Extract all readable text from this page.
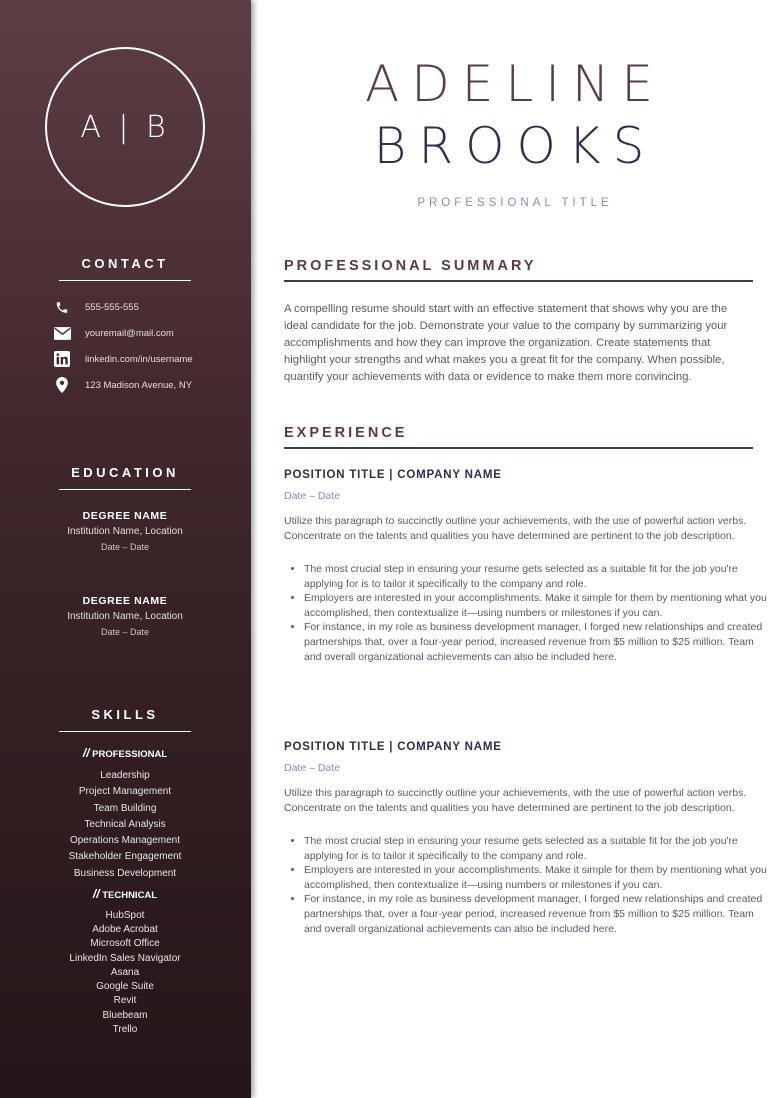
A | B
CONTACT
555-555-555
youremail@mail.com
linkedin.com/in/username
123 Madison Avenue, NY
EDUCATION
DEGREE NAME
Institution Name, Location
Date – Date
DEGREE NAME
Institution Name, Location
Date – Date
SKILLS
// PROFESSIONAL
Leadership
Project Management
Team Building
Technical Analysis
Operations Management
Stakeholder Engagement
Business Development
// TECHNICAL
HubSpot
Adobe Acrobat
Microsoft Office
LinkedIn Sales Navigator
Asana
Google Suite
Revit
Bluebeam
Trello
ADELINE
BROOKS
PROFESSIONAL TITLE
PROFESSIONAL SUMMARY
A compelling resume should start with an effective statement that shows why you are the ideal candidate for the job. Demonstrate your value to the company by summarizing your accomplishments and how they can improve the organization. Create statements that highlight your strengths and what makes you a great fit for the company. When possible, quantify your achievements with data or evidence to make them more convincing.
EXPERIENCE
POSITION TITLE | COMPANY NAME
Date – Date
Utilize this paragraph to succinctly outline your achievements, with the use of powerful action verbs. Concentrate on the talents and qualities you have determined are pertinent to the job description.
• The most crucial step in ensuring your resume gets selected as a suitable fit for the job you're applying for is to tailor it specifically to the company and role.
• Employers are interested in your accomplishments. Make it simple for them by mentioning what you accomplished, then contextualize it—using numbers or milestones if you can.
• For instance, in my role as business development manager, I forged new relationships and created partnerships that, over a four-year period, increased revenue from $5 million to $25 million. Team and overall organizational achievements can also be included here.
POSITION TITLE | COMPANY NAME
Date – Date
Utilize this paragraph to succinctly outline your achievements, with the use of powerful action verbs. Concentrate on the talents and qualities you have determined are pertinent to the job description.
• The most crucial step in ensuring your resume gets selected as a suitable fit for the job you're applying for is to tailor it specifically to the company and role.
• Employers are interested in your accomplishments. Make it simple for them by mentioning what you accomplished, then contextualize it—using numbers or milestones if you can.
• For instance, in my role as business development manager, I forged new relationships and created partnerships that, over a four-year period, increased revenue from $5 million to $25 million. Team and overall organizational achievements can also be included here.
